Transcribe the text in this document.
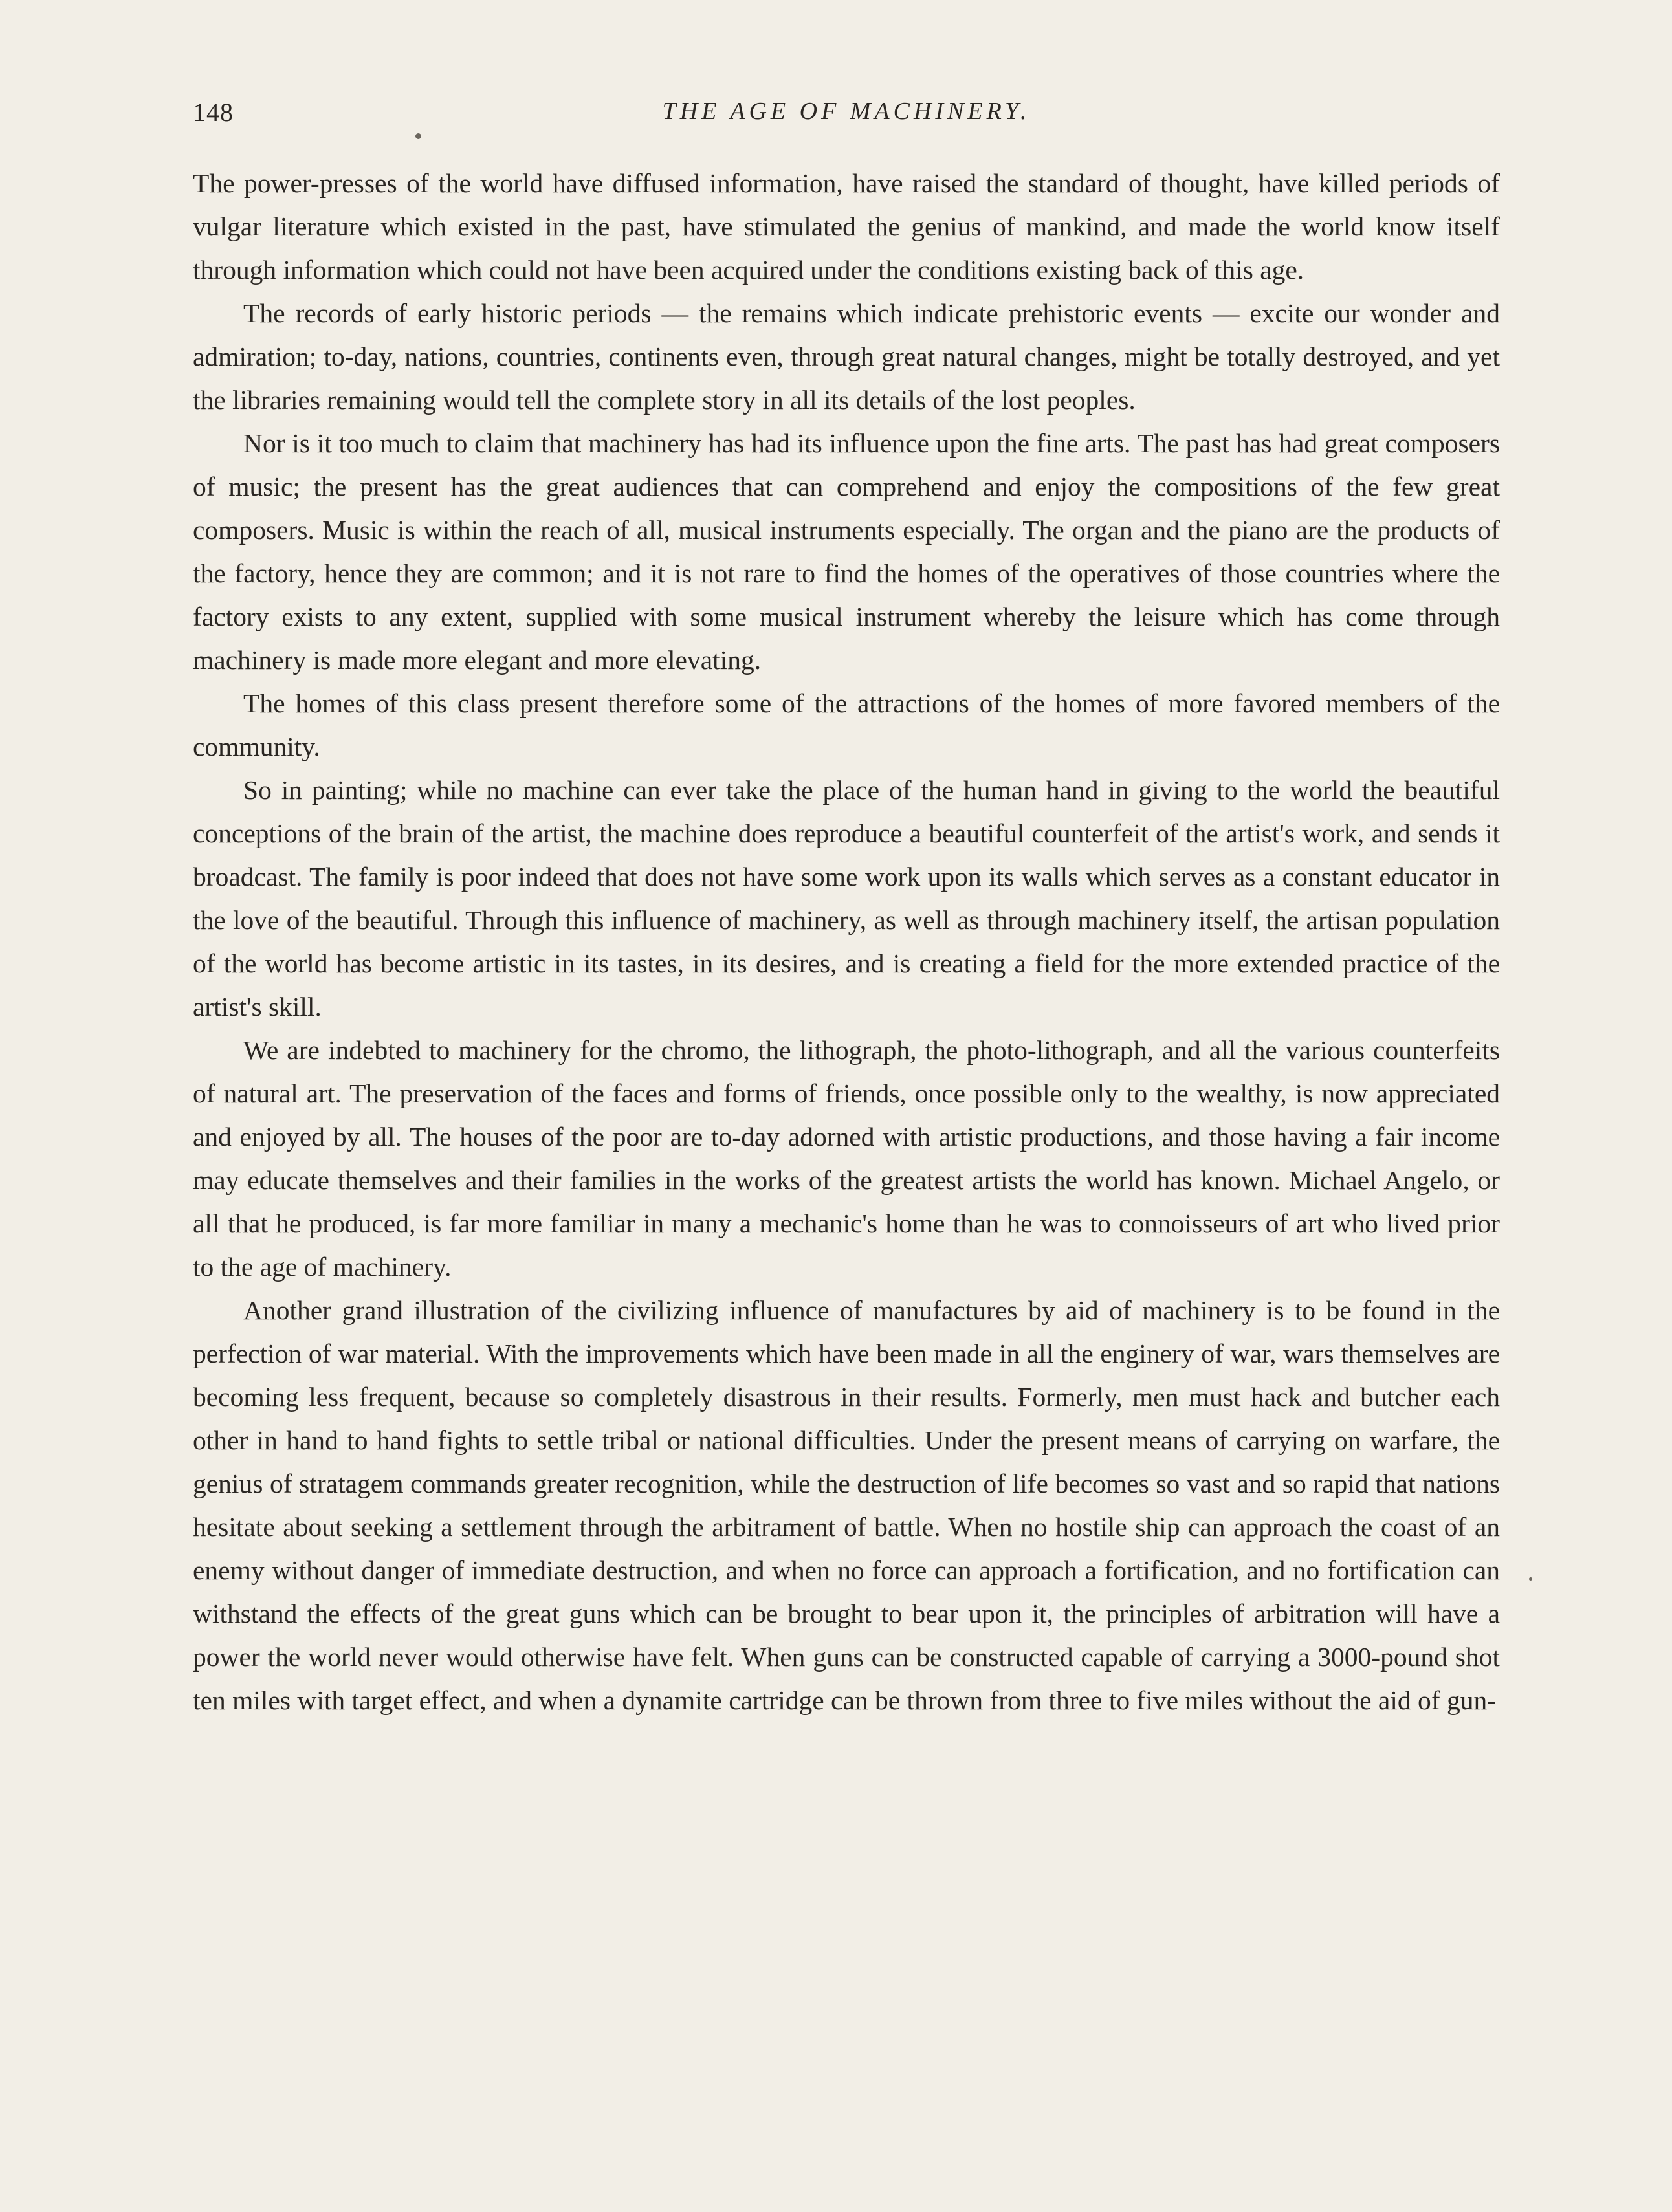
148	THE AGE OF MACHINERY.

The power-presses of the world have diffused information, have raised the standard of thought, have killed periods of vulgar literature which existed in the past, have stimulated the genius of mankind, and made the world know itself through information which could not have been acquired under the conditions existing back of this age.

The records of early historic periods — the remains which indicate prehistoric events — excite our wonder and admiration; to-day, nations, countries, continents even, through great natural changes, might be totally destroyed, and yet the libraries remaining would tell the complete story in all its details of the lost peoples.

Nor is it too much to claim that machinery has had its influence upon the fine arts. The past has had great composers of music; the present has the great audiences that can comprehend and enjoy the compositions of the few great composers. Music is within the reach of all, musical instruments especially. The organ and the piano are the products of the factory, hence they are common; and it is not rare to find the homes of the operatives of those countries where the factory exists to any extent, supplied with some musical instrument whereby the leisure which has come through machinery is made more elegant and more elevating.

The homes of this class present therefore some of the attractions of the homes of more favored members of the community.

So in painting; while no machine can ever take the place of the human hand in giving to the world the beautiful conceptions of the brain of the artist, the machine does reproduce a beautiful counterfeit of the artist's work, and sends it broadcast. The family is poor indeed that does not have some work upon its walls which serves as a constant educator in the love of the beautiful. Through this influence of machinery, as well as through machinery itself, the artisan population of the world has become artistic in its tastes, in its desires, and is creating a field for the more extended practice of the artist's skill.

We are indebted to machinery for the chromo, the lithograph, the photo-lithograph, and all the various counterfeits of natural art. The preservation of the faces and forms of friends, once possible only to the wealthy, is now appreciated and enjoyed by all. The houses of the poor are to-day adorned with artistic productions, and those having a fair income may educate themselves and their families in the works of the greatest artists the world has known. Michael Angelo, or all that he produced, is far more familiar in many a mechanic's home than he was to connoisseurs of art who lived prior to the age of machinery.

Another grand illustration of the civilizing influence of manufactures by aid of machinery is to be found in the perfection of war material. With the improvements which have been made in all the enginery of war, wars themselves are becoming less frequent, because so completely disastrous in their results. Formerly, men must hack and butcher each other in hand to hand fights to settle tribal or national difficulties. Under the present means of carrying on warfare, the genius of stratagem commands greater recognition, while the destruction of life becomes so vast and so rapid that nations hesitate about seeking a settlement through the arbitrament of battle. When no hostile ship can approach the coast of an enemy without danger of immediate destruction, and when no force can approach a fortification, and no fortification can withstand the effects of the great guns which can be brought to bear upon it, the principles of arbitration will have a power the world never would otherwise have felt. When guns can be constructed capable of carrying a 3000-pound shot ten miles with target effect, and when a dynamite cartridge can be thrown from three to five miles without the aid of gun-
